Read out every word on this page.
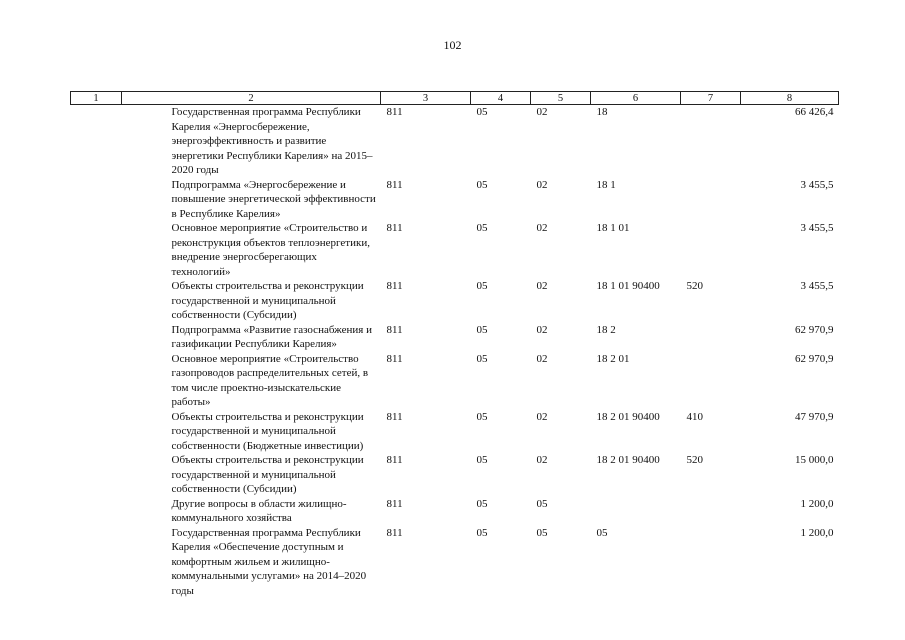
102
1	2	3	4	5	6	7	8
	Государственная программа Республики Карелия «Энергосбережение, энергоэффективность и развитие энергетики Республики Карелия» на 2015–2020 годы	811	05	02	18		66 426,4
	Подпрограмма «Энергосбережение и повышение энергетической эффективности в Республике Карелия»	811	05	02	18 1		3 455,5
	Основное мероприятие «Строительство и реконструкция объектов теплоэнергетики, внедрение энергосберегающих технологий»	811	05	02	18 1 01		3 455,5
	Объекты строительства и реконструкции государственной и муниципальной собственности (Субсидии)	811	05	02	18 1 01 90400	520	3 455,5
	Подпрограмма «Развитие газоснабжения и газификации Республики Карелия»	811	05	02	18 2		62 970,9
	Основное мероприятие «Строительство газопроводов распределительных сетей, в том числе проектно-изыскательские работы»	811	05	02	18 2 01		62 970,9
	Объекты строительства и реконструкции государственной и муниципальной собственности (Бюджетные инвестиции)	811	05	02	18 2 01 90400	410	47 970,9
	Объекты строительства и реконструкции государственной и муниципальной собственности (Субсидии)	811	05	02	18 2 01 90400	520	15 000,0
	Другие вопросы в области жилищно-коммунального хозяйства	811	05	05			1 200,0
	Государственная программа Республики Карелия «Обеспечение доступным и комфортным жильем и жилищно-коммунальными услугами» на 2014–2020 годы	811	05	05	05		1 200,0
